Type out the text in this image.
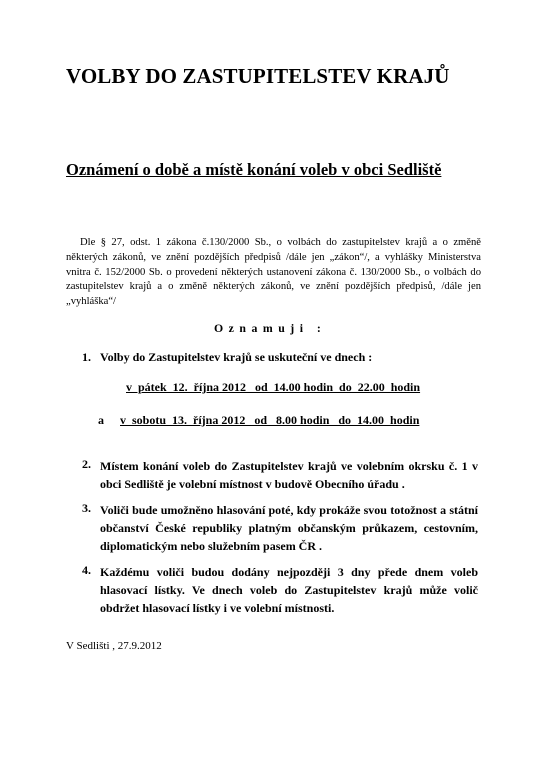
VOLBY DO ZASTUPITELSTEV KRAJŮ
Oznámení o době a místě konání voleb v obci Sedliště
Dle § 27, odst. 1 zákona č.130/2000 Sb., o volbách do zastupitelstev krajů a o změně některých zákonů, ve znění pozdějších předpisů /dále jen „zákon“/, a vyhlášky Ministerstva vnitra č. 152/2000 Sb. o provedení některých ustanovení zákona č. 130/2000 Sb., o volbách do zastupitelstev krajů a o změně některých zákonů, ve znění pozdějších předpisů, /dále jen „vyhláška“/
Oznamuji :
1. Volby do Zastupitelstev krajů se uskuteční ve dnech :
v  pátek  12.  října 2012   od  14.00 hodin  do  22.00  hodin
a v  sobotu  13.  října 2012   od   8.00 hodin   do  14.00  hodin
2. Místem konání voleb do Zastupitelstev krajů ve volebním okrsku č. 1 v obci Sedliště je volební místnost v budově Obecního úřadu .
3. Voliči bude umožněno hlasování poté, kdy prokáže svou totožnost a státní občanství České republiky platným občanským průkazem, cestovním, diplomatickým nebo služebním pasem ČR .
4. Každému voliči budou dodány nejpozději 3 dny přede dnem voleb hlasovací lístky. Ve dnech voleb do Zastupitelstev krajů může volič obdržet hlasovací lístky i ve volební místnosti.
V Sedlišti , 27.9.2012
